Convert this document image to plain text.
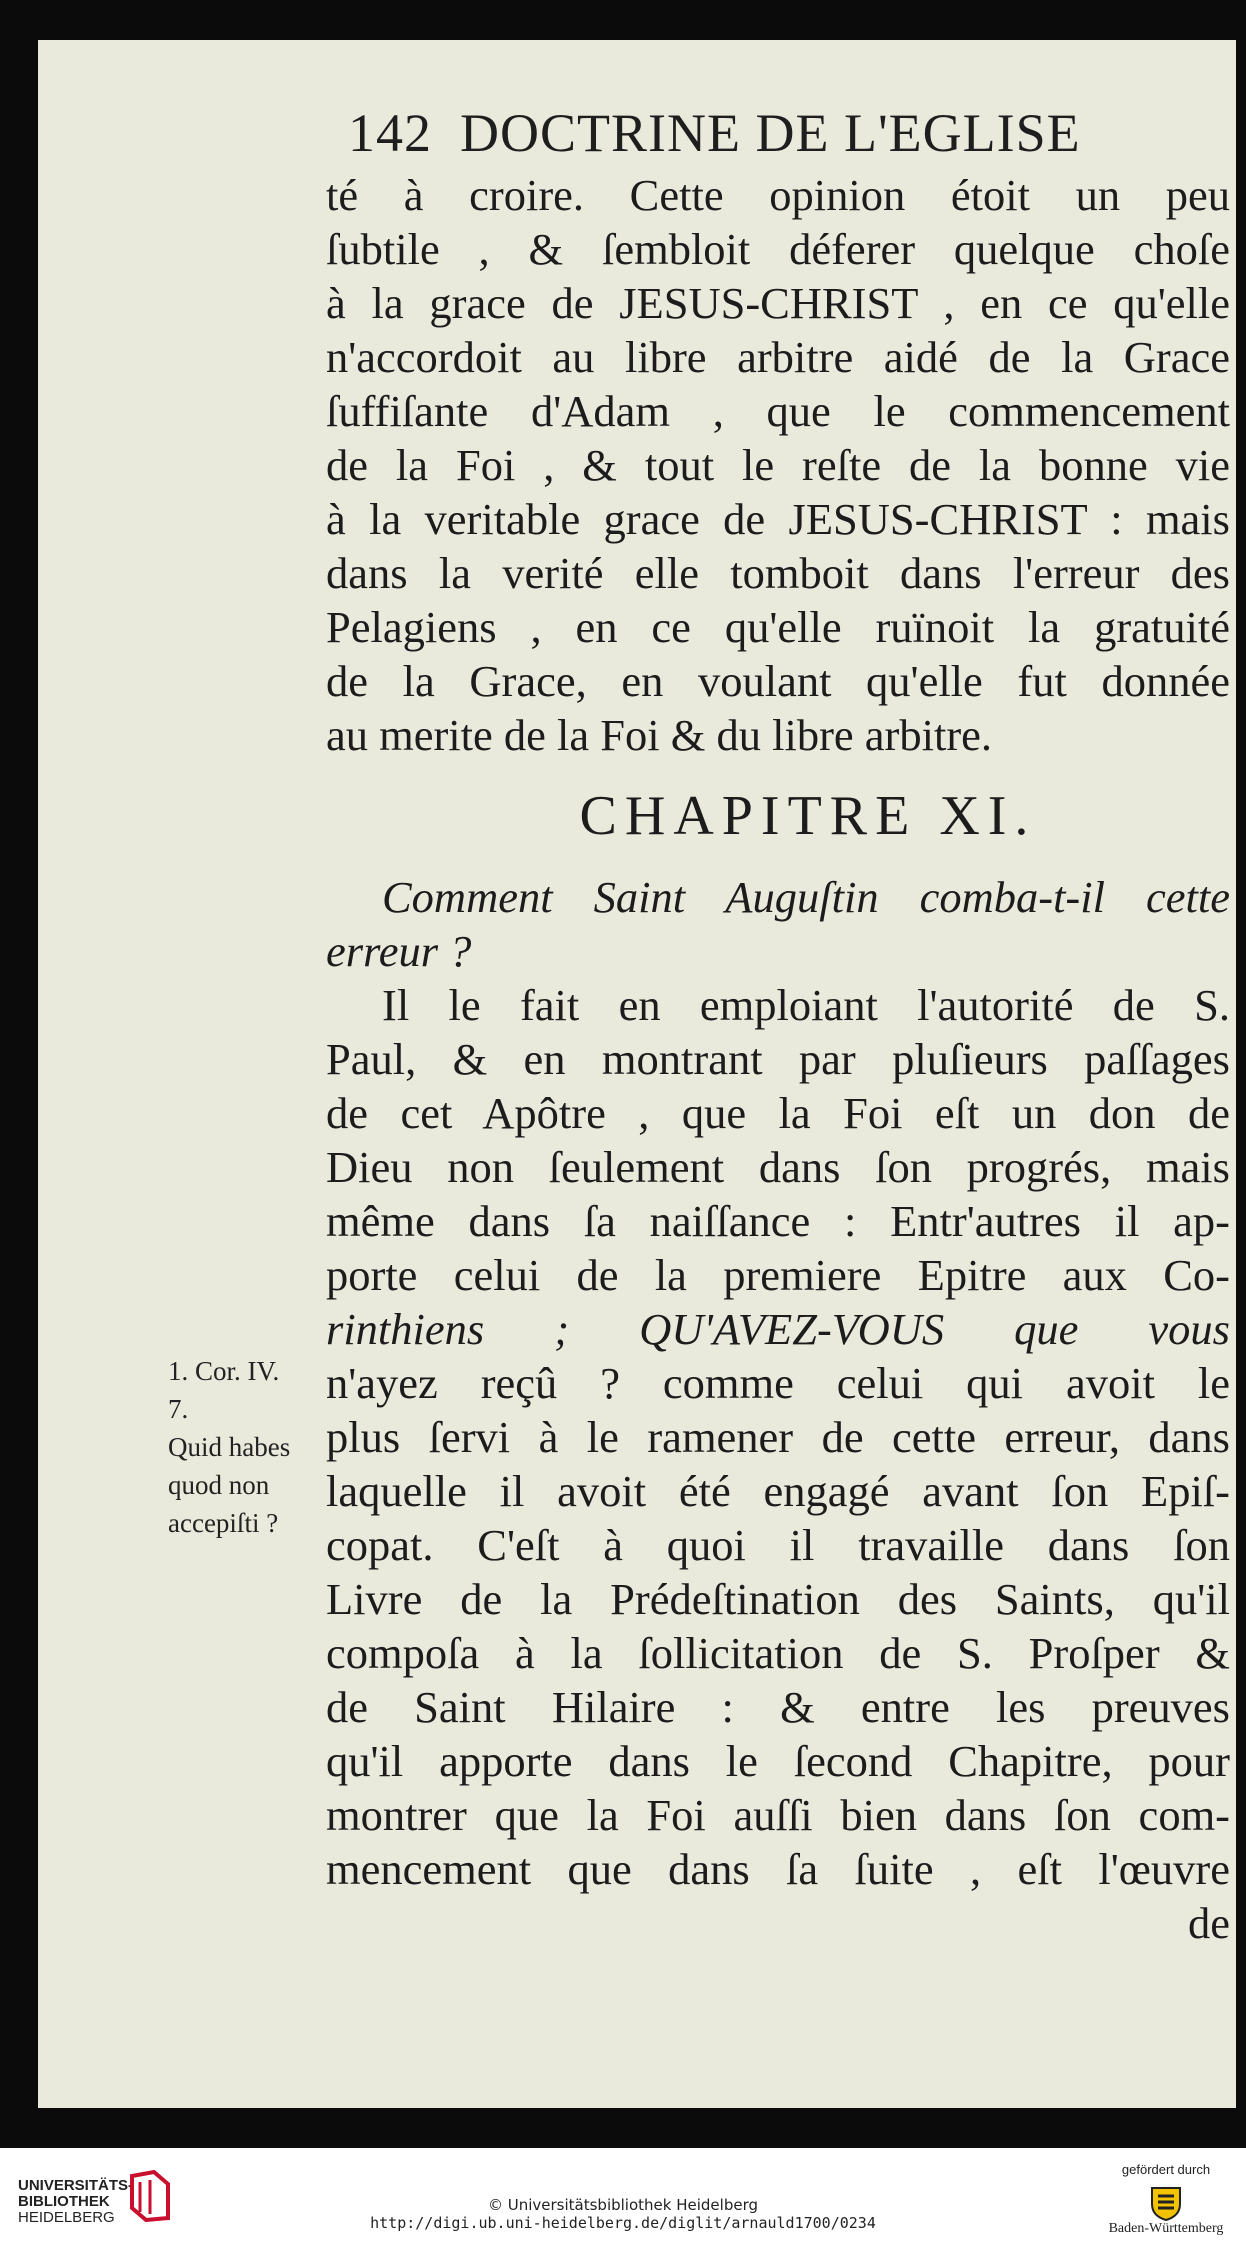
142 DOCTRINE DE L'EGLISE
té à croire. Cette opinion étoit un peu
ſubtile , & ſembloit déferer quelque choſe
à la grace de JESUS-CHRIST , en ce qu'elle
n'accordoit au libre arbitre aidé de la Grace
ſuffiſante d'Adam , que le commencement
de la Foi , & tout le reſte de la bonne vie
à la veritable grace de JESUS-CHRIST : mais
dans la verité elle tomboit dans l'erreur des
Pelagiens , en ce qu'elle ruïnoit la gratuité
de la Grace, en voulant qu'elle fut donnée
au merite de la Foi & du libre arbitre.
CHAPITRE XI.
Comment Saint Auguſtin comba-t-il cette
erreur ?
Il le fait en emploiant l'autorité de S.
Paul, & en montrant par pluſieurs paſſages
de cet Apôtre , que la Foi eſt un don de
Dieu non ſeulement dans ſon progrés, mais
même dans ſa naiſſance : Entr'autres il ap-
porte celui de la premiere Epitre aux Co-
rinthiens ; QU'AVEZ-VOUS que vous
n'ayez reçû ? comme celui qui avoit le
plus ſervi à le ramener de cette erreur, dans
laquelle il avoit été engagé avant ſon Epiſ-
copat. C'eſt à quoi il travaille dans ſon
Livre de la Prédeſtination des Saints, qu'il
compoſa à la ſollicitation de S. Proſper &
de Saint Hilaire : & entre les preuves
qu'il apporte dans le ſecond Chapitre, pour
montrer que la Foi auſſi bien dans ſon com-
mencement que dans ſa ſuite , eſt l'œuvre
de
1. Cor. IV.
7.
Quid habes
quod non
accepiſti ?
UNIVERSITÄTS-
BIBLIOTHEK
HEIDELBERG
© Universitätsbibliothek Heidelberg
http://digi.ub.uni-heidelberg.de/diglit/arnauld1700/0234
gefördert durch
Baden-Württemberg
